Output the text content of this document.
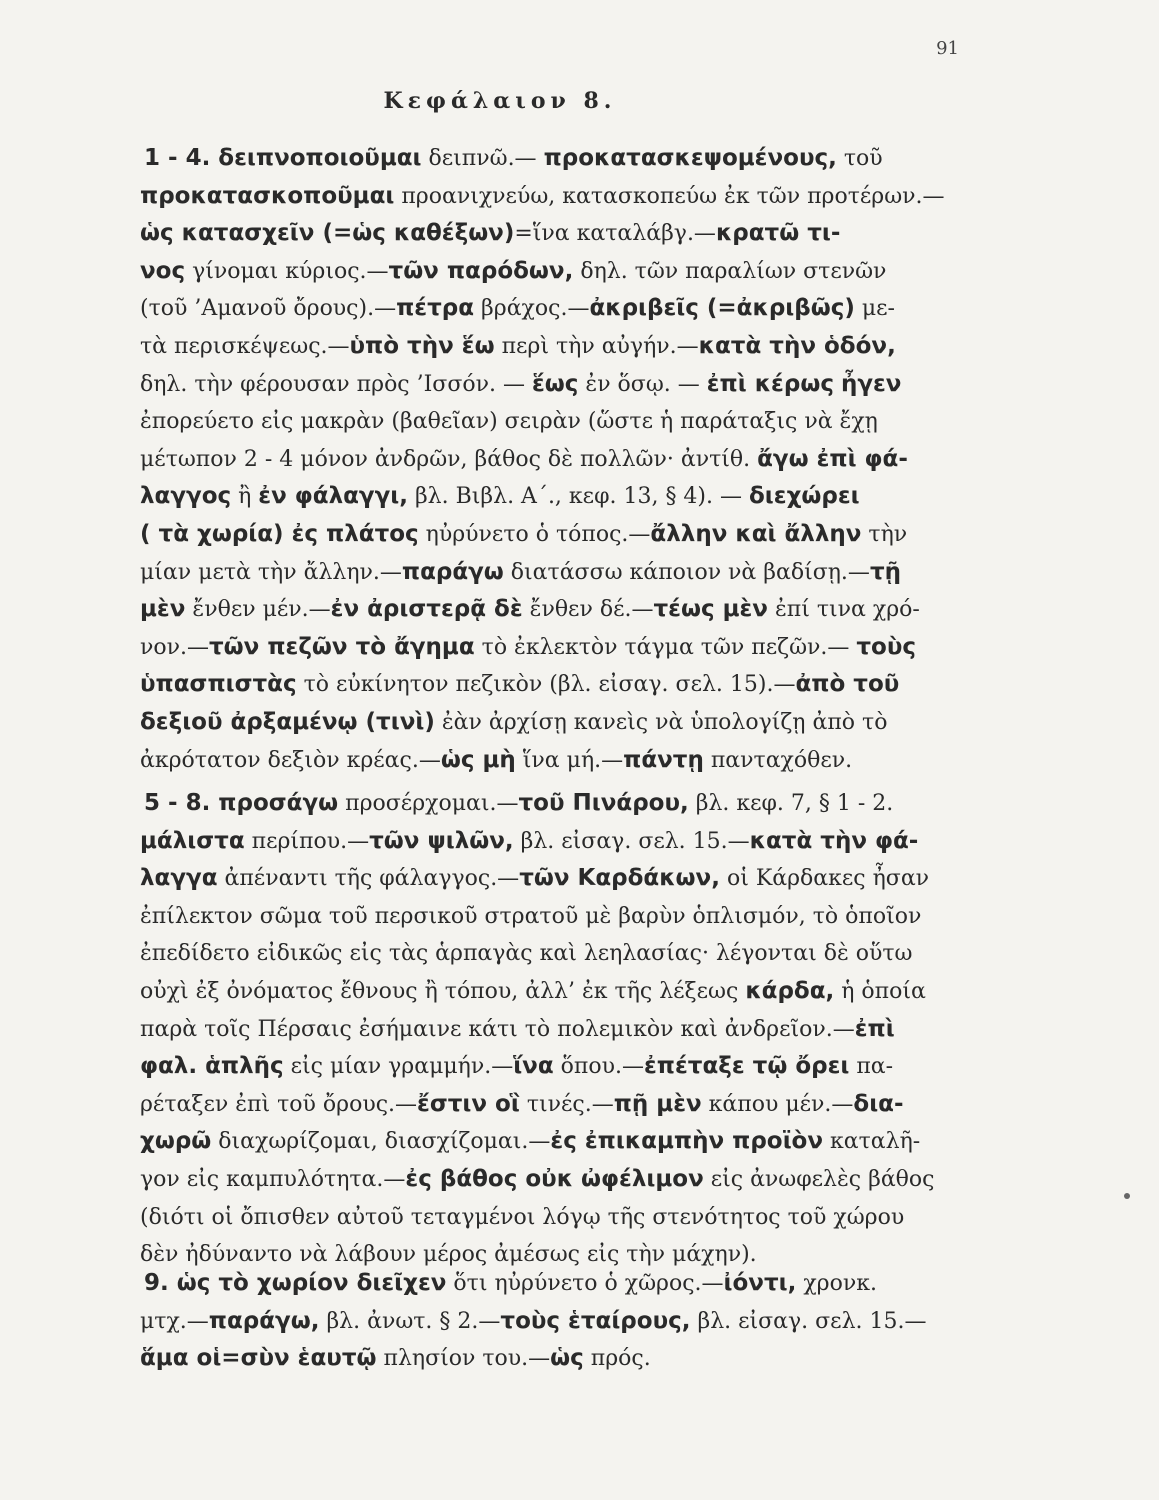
91
Κεφάλαιον 8.
1 - 4. δειπνοποιοῦμαι δειπνῶ.— προκατασκεψομένους, τοῦ
προκατασκοποῦμαι προανιχνεύω, κατασκοπεύω ἐκ τῶν προτέρων.—
ὡς κατασχεῖν (=ὡς καθέξων)=ἵνα καταλάβγ.—κρατῶ τι-
νος γίνομαι κύριος.—τῶν παρόδων, δηλ. τῶν παραλίων στενῶν
(τοῦ ’Αμανοῦ ὄρους).—πέτρα βράχος.—ἀκριβεῖς (=ἀκριβῶς) με-
τὰ περισκέψεως.—ὑπὸ τὴν ἕω περὶ τὴν αὐγήν.—κατὰ τὴν ὁδόν,
δηλ. τὴν φέρουσαν πρὸς ’Ισσόν. — ἕως ἐν ὅσῳ. — ἐπὶ κέρως ἦγεν
ἐπορεύετο εἰς μακρὰν (βαθεῖαν) σειρὰν (ὥστε ἡ παράταξις νὰ ἔχῃ
μέτωπον 2 - 4 μόνον ἀνδρῶν, βάθος δὲ πολλῶν· ἀντίθ. ἄγω ἐπὶ φά-
λαγγος ἢ ἐν φάλαγγι, βλ. Βιβλ. Α΄., κεφ. 13, § 4). — διεχώρει
( τὰ χωρία) ἐς πλάτος ηὐρύνετο ὁ τόπος.—ἄλλην καὶ ἄλλην τὴν
μίαν μετὰ τὴν ἄλλην.—παράγω διατάσσω κάποιον νὰ βαδίσῃ.—τῇ
μὲν ἔνθεν μέν.—ἐν ἀριστερᾷ δὲ ἔνθεν δέ.—τέως μὲν ἐπί τινα χρό-
νον.—τῶν πεζῶν τὸ ἄγημα τὸ ἐκλεκτὸν τάγμα τῶν πεζῶν.— τοὺς
ὑπασπιστὰς τὸ εὐκίνητον πεζικὸν (βλ. εἰσαγ. σελ. 15).—ἀπὸ τοῦ
δεξιοῦ ἀρξαμένῳ (τινὶ) ἐὰν ἀρχίσῃ κανεὶς νὰ ὑπολογίζῃ ἀπὸ τὸ
ἀκρότατον δεξιὸν κρέας.—ὡς μὴ ἵνα μή.—πάντῃ πανταχόθεν.
5 - 8. προσάγω προσέρχομαι.—τοῦ Πινάρου, βλ. κεφ. 7, § 1 - 2.
μάλιστα περίπου.—τῶν ψιλῶν, βλ. εἰσαγ. σελ. 15.—κατὰ τὴν φά-
λαγγα ἀπέναντι τῆς φάλαγγος.—τῶν Καρδάκων, οἱ Κάρδακες ἦσαν
ἐπίλεκτον σῶμα τοῦ περσικοῦ στρατοῦ μὲ βαρὺν ὁπλισμόν, τὸ ὁποῖον
ἐπεδίδετο εἰδικῶς εἰς τὰς ἁρπαγὰς καὶ λεηλασίας· λέγονται δὲ οὕτω
οὐχὶ ἐξ ὀνόματος ἔθνους ἢ τόπου, ἀλλ’ ἐκ τῆς λέξεως κάρδα, ἡ ὁποία
παρὰ τοῖς Πέρσαις ἐσήμαινε κάτι τὸ πολεμικὸν καὶ ἀνδρεῖον.—ἐπὶ
φαλ. ἁπλῆς εἰς μίαν γραμμήν.—ἵνα ὅπου.—ἐπέταξε τῷ ὄρει πα-
ρέταξεν ἐπὶ τοῦ ὄρους.—ἔστιν οἳ τινές.—πῇ μὲν κάπου μέν.—δια-
χωρῶ διαχωρίζομαι, διασχίζομαι.—ἐς ἐπικαμπὴν προϊὸν καταλῆ-
γον εἰς καμπυλότητα.—ἐς βάθος οὐκ ὠφέλιμον εἰς ἀνωφελὲς βάθος
(διότι οἱ ὄπισθεν αὐτοῦ τεταγμένοι λόγῳ τῆς στενότητος τοῦ χώρου
δὲν ἠδύναντο νὰ λάβουν μέρος ἀμέσως εἰς τὴν μάχην).
9. ὡς τὸ χωρίον διεῖχεν ὅτι ηὐρύνετο ὁ χῶρος.—ἰόντι, χρονκ.
μτχ.—παράγω, βλ. ἀνωτ. § 2.—τοὺς ἑταίρους, βλ. εἰσαγ. σελ. 15.—
ἅμα οἱ=σὺν ἑαυτῷ πλησίον του.—ὡς πρός.
